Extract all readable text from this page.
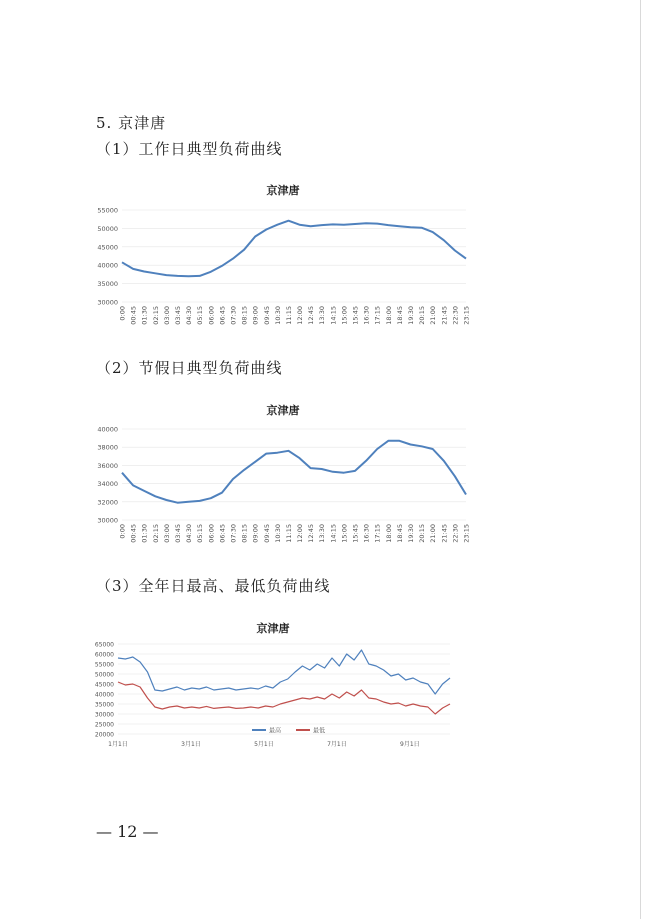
5. 京津唐
（1）工作日典型负荷曲线
（2）节假日典型负荷曲线
（3）全年日最高、最低负荷曲线
京津唐
30000
35000
40000
45000
50000
55000
0:00 00:45 01:30 02:15 03:00 03:45 04:30 05:15 06:00 06:45 07:30 08:15 09:00 09:45 10:30 11:15 12:00 12:45 13:30 14:15 15:00 15:45 16:30 17:15 18:00 18:45 19:30 20:15 21:00 21:45 22:30 23:15
京津唐
30000
32000
34000
36000
38000
40000
0:00 00:45 01:30 02:15 03:00 03:45 04:30 05:15 06:00 06:45 07:30 08:15 09:00 09:45 10:30 11:15 12:00 12:45 13:30 14:15 15:00 15:45 16:30 17:15 18:00 18:45 19:30 20:15 21:00 21:45 22:30 23:15
京津唐
20000
25000
30000
35000
40000
45000
50000
55000
60000
65000
1月1日	3月1日	5月1日	7月1日	9月1日
最高	最低
— 12 —
